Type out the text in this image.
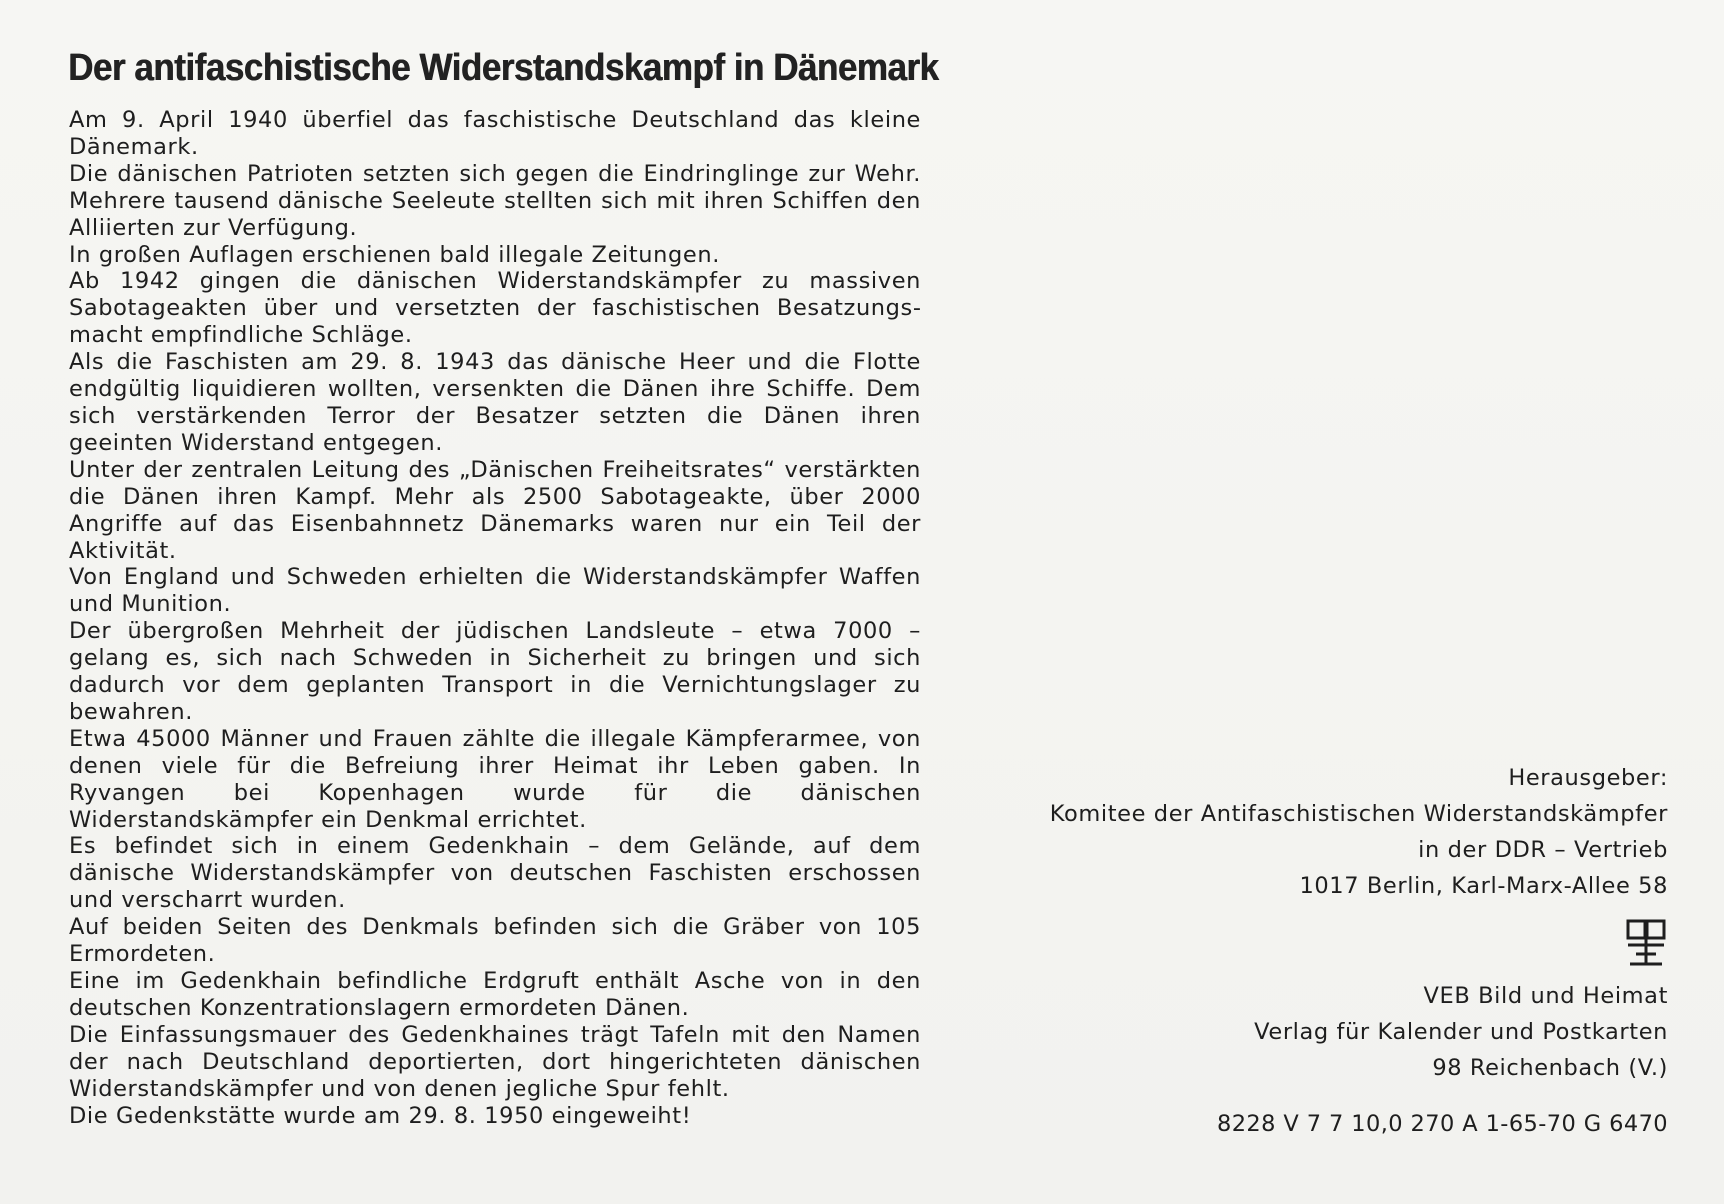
Der antifaschistische Widerstandskampf in Dänemark

Am 9. April 1940 überfiel das faschistische Deutschland das kleine Dänemark.

Die dänischen Patrioten setzten sich gegen die Eindringlinge zur Wehr. Mehrere tausend dänische Seeleute stellten sich mit ihren Schiffen den Alliierten zur Verfügung.

In großen Auflagen erschienen bald illegale Zeitungen.

Ab 1942 gingen die dänischen Widerstandskämpfer zu massiven Sabotageakten über und versetzten der faschistischen Besatzungsmacht empfindliche Schläge.

Als die Faschisten am 29. 8. 1943 das dänische Heer und die Flotte endgültig liquidieren wollten, versenkten die Dänen ihre Schiffe. Dem sich verstärkenden Terror der Besatzer setzten die Dänen ihren geeinten Widerstand entgegen.

Unter der zentralen Leitung des „Dänischen Freiheitsrates“ verstärkten die Dänen ihren Kampf. Mehr als 2500 Sabotageakte, über 2000 Angriffe auf das Eisenbahnnetz Dänemarks waren nur ein Teil der Aktivität.

Von England und Schweden erhielten die Widerstandskämpfer Waffen und Munition.

Der übergroßen Mehrheit der jüdischen Landsleute – etwa 7000 – gelang es, sich nach Schweden in Sicherheit zu bringen und sich dadurch vor dem geplanten Transport in die Vernichtungslager zu bewahren.

Etwa 45000 Männer und Frauen zählte die illegale Kämpferarmee, von denen viele für die Befreiung ihrer Heimat ihr Leben gaben. In Ryvangen bei Kopenhagen wurde für die dänischen Widerstandskämpfer ein Denkmal errichtet.

Es befindet sich in einem Gedenkhain – dem Gelände, auf dem dänische Widerstandskämpfer von deutschen Faschisten erschossen und verscharrt wurden.

Auf beiden Seiten des Denkmals befinden sich die Gräber von 105 Ermordeten.

Eine im Gedenkhain befindliche Erdgruft enthält Asche von in den deutschen Konzentrationslagern ermordeten Dänen.

Die Einfassungsmauer des Gedenkhaines trägt Tafeln mit den Namen der nach Deutschland deportierten, dort hingerichteten dänischen Widerstandskämpfer und von denen jegliche Spur fehlt.

Die Gedenkstätte wurde am 29. 8. 1950 eingeweiht!

Herausgeber:
Komitee der Antifaschistischen Widerstandskämpfer
in der DDR – Vertrieb
1017 Berlin, Karl-Marx-Allee 58
VEB Bild und Heimat
Verlag für Kalender und Postkarten
98 Reichenbach (V.)
8228 V 7 7 10,0 270 A 1-65-70 G 6470
